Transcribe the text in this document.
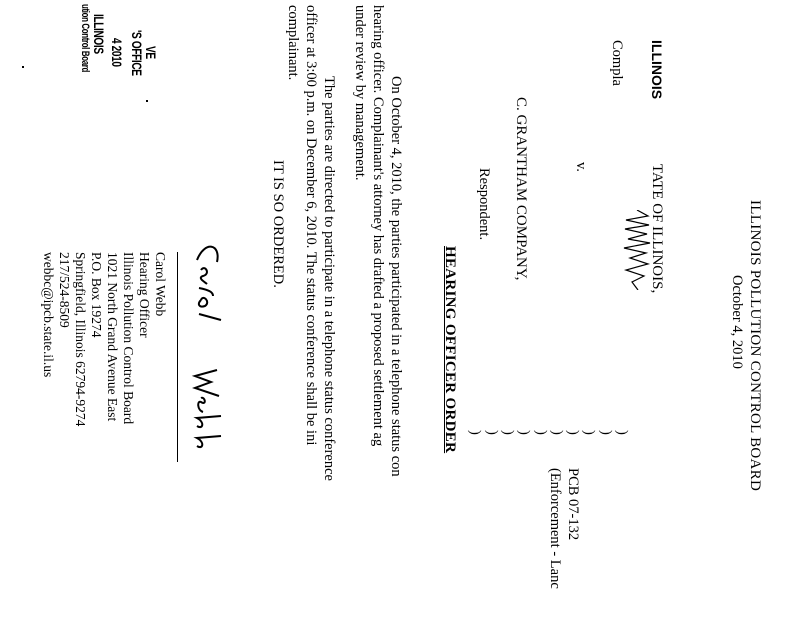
VE
'S OFFICE
4 2010
ILLINOIS
ution Control Board
ILLINOIS POLLUTION CONTROL BOARD
October 4, 2010
ILLINOIS
TATE OF ILLINOIS,
Compla
v.
C. GRANTHAM COMPANY,
Respondent.
)
)
)
)
)
)
)
)
)
)
PCB 07-132
(Enforcement - Lanc
HEARING OFFICER ORDER
On October 4, 2010, the parties participated in a telephone status con
hearing officer. Complainant's attorney has drafted a proposed settlement ag
under review by management.
The parties are directed to participate in a telephone status conference
officer at 3:00 p.m. on December 6, 2010. The status conference shall be ini
complainant.
IT IS SO ORDERED.
Carol Webb
Hearing Officer
Illinois Pollution Control Board
1021 North Grand Avenue East
P.O. Box 19274
Springfield, Illinois 62794-9274
217/524-8509
webbc@ipcb.state.il.us
